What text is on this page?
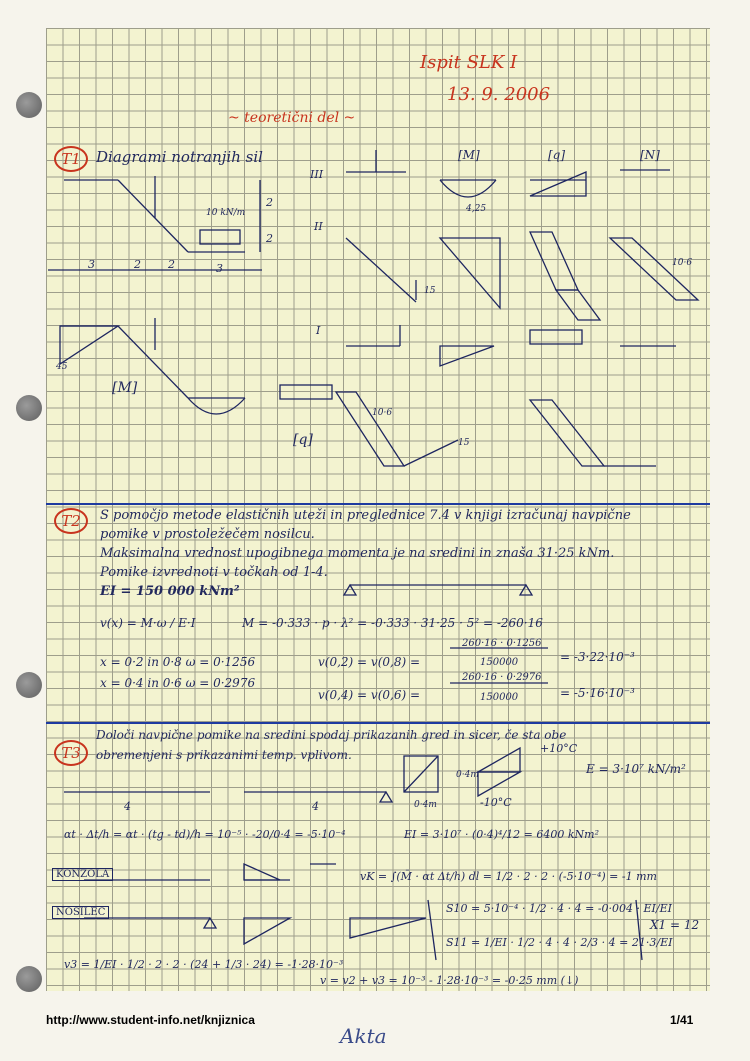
Ispit SLK I
13. 9. 2006
~ teoretični del ~
T1	Diagrami notranjih sil
III
II
I
[M]	[q]	[N]
[M]
[q]
3	2 2	3
2
2
10 kN/m	4,25
15
10·6
45
15
10·6
T2	S pomočjo metode elastičnih uteži in preglednice 7.4 v knjigi izračunaj navpične
pomike v prostoležečem nosilcu.
Maksimalna vrednost upogibnega momenta je na sredini in znaša 31·25 kNm.
Pomike izvrednoti v točkah od 1-4.
EI = 150 000 kNm²
v(x) = M·ω / E·I	M = -0·333 · p · λ² = -0·333 · 31·25 · 5² = -260·16
x = 0·2 in 0·8 ω = 0·1256
x = 0·4 in 0·6 ω = 0·2976
v(0,2) = v(0,8) =
260·16 · 0·1256
150000	= -3·22·10⁻³
v(0,4) = v(0,6) =
260·16 · 0·2976
150000	= -5·16·10⁻³
T3
Določi navpične pomike na sredini spodaj prikazanih gred in sicer, če sta obe
obremenjeni s prikazanimi temp. vplivom.	+10°C
-10°C
E = 3·10⁷ kN/m²
0·4m
0·4m
4	4
αt · Δt/h = αt · (tg - td)/h = 10⁻⁵ · -20/0·4 = -5·10⁻⁴	EI = 3·10⁷ · (0·4)⁴/12 = 6400 kNm²
KONZOLA
NOSILEC
vK = ∫(M̄ · αt Δt/h) dl = 1/2 · 2 · 2 · (-5·10⁻⁴) = -1 mm
S10 = 5·10⁻⁴ · 1/2 · 4 · 4 = -0·004 · EI/EI
S11 = 1/EI · 1/2 · 4 · 4 · 2/3 · 4 = 21·3/EI
X1 = 12
v3 = 1/EI · 1/2 · 2 · 2 · (24 + 1/3 · 24) = -1·28·10⁻³
v = v2 + v3 = 10⁻³ - 1·28·10⁻³ = -0·25 mm (↓)
http://www.student-info.net/knjiznica
Akta
1/41
